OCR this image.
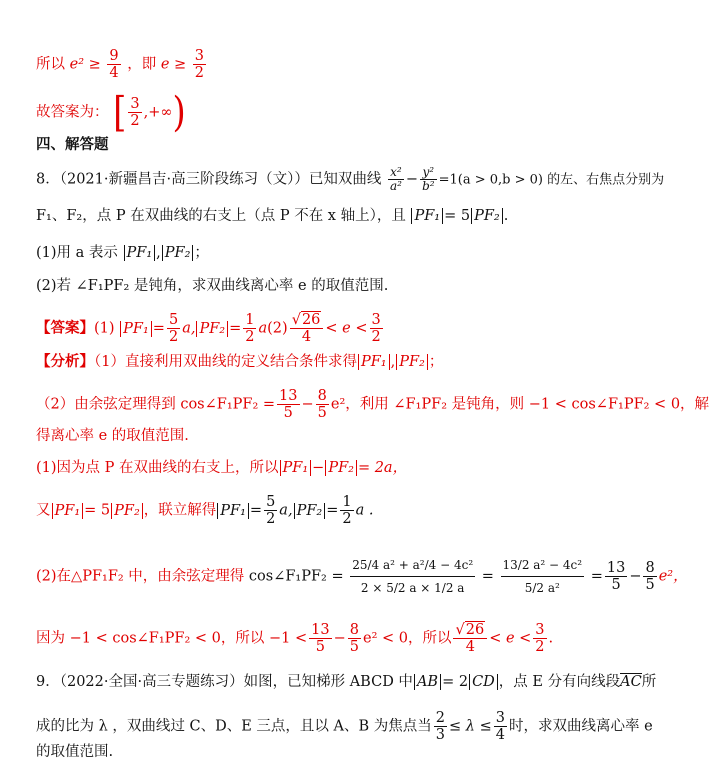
所以 $e^2 \ge \frac{9}{4}$ ，即 $e \ge \frac{3}{2}$
故答案为： [ $\frac{3}{2}$ ,+∞)
四、解答题
8．（2021·新疆昌吉·高三阶段练习（文））已知双曲线 $\frac{\text{x²}}{\text{a²}} - \frac{\text{y²}}{\text{b²}} =1(a > 0,b > 0)$ 的左、右焦点分别为
F₁、F₂，点 P 在双曲线的右支上（点 P 不在 x 轴上），且 PF₁ = 5 PF₂ .
(1)用 a 表示 PF₁ , PF₂ ；
(2)若 ∠F₁PF₂ 是钝角，求双曲线离心率 e 的取值范围.
【答案】(1) $PF_1 = \frac{5}{2} a$, $PF_2 = \frac{1}{2} a(2) \frac{√26}{4} < e < \frac{3}{2}$
【分析】（1）直接利用双曲线的定义结合条件求得 PF₁ , PF₂ ；
（2）由余弦定理得到 cos∠F₁PF₂ = $\frac{13}{5} - \frac{8}{5} e^2$，利用 ∠F₁PF₂ 是钝角，则 −1 < cos∠F₁PF₂ < 0，解
得离心率 e 的取值范围.
(1)因为点 P 在双曲线的右支上，所以 PF₁ − PF₂ = 2a，
又 PF₁ = 5 PF₂ ，联立解得 $PF_1 = \frac{5}{2} a$, $PF_2 = \frac{1}{2}$ a .
(2)在△PF₁F₂ 中，由余弦定理得 cos∠F₁PF₂ = $\frac{\text{25/4 a² + a²/4 − 4c²}}{2 \times 5/2 a \times 1/2 a} = \frac{\text{13/2 a² − 4c²}}{\text{5/2 a²}} = \frac{13}{5} - \frac{8}{5} e^2$，
因为 −1 < cos∠F₁PF₂ < 0，所以 $-1 < \frac{13}{5} - \frac{8}{5} e^2 < 0$，所以 $\frac{√26}{4} < e < \frac{3}{2}$ .
9．（2022·全国·高三专题练习）如图，已知梯形 ABCD 中 AB = 2 CD ，点 E 分有向线段AC所
成的比为 λ ，双曲线过 C、D、E 三点，且以 A、B 为焦点当 $\frac{2}{3} \le \lambda \le \frac{3}{4}$ 时，求双曲线离心率 e
的取值范围.
